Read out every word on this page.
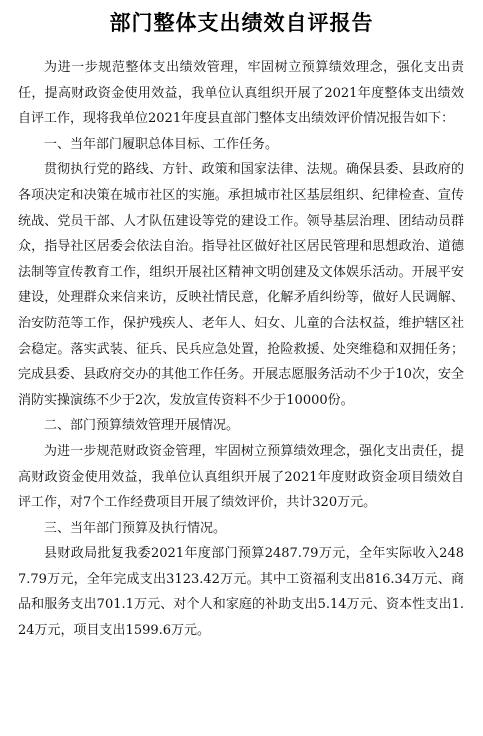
部门整体支出绩效自评报告

为进一步规范整体支出绩效管理，牢固树立预算绩效理念，强化支出责任，提高财政资金使用效益，我单位认真组织开展了2021年度整体支出绩效自评工作，现将我单位2021年度县直部门整体支出绩效评价情况报告如下：

一、当年部门履职总体目标、工作任务。

贯彻执行党的路线、方针、政策和国家法律、法规。确保县委、县政府的各项决定和决策在城市社区的实施。承担城市社区基层组织、纪律检查、宣传统战、党员干部、人才队伍建设等党的建设工作。领导基层治理、团结动员群众，指导社区居委会依法自治。指导社区做好社区居民管理和思想政治、道德法制等宣传教育工作，组织开展社区精神文明创建及文体娱乐活动。开展平安建设，处理群众来信来访，反映社情民意，化解矛盾纠纷等，做好人民调解、治安防范等工作，保护残疾人、老年人、妇女、儿童的合法权益，维护辖区社会稳定。落实武装、征兵、民兵应急处置，抢险救援、处突维稳和双拥任务；完成县委、县政府交办的其他工作任务。开展志愿服务活动不少于10次，安全消防实操演练不少于2次，发放宣传资料不少于10000份。

二、部门预算绩效管理开展情况。

为进一步规范财政资金管理，牢固树立预算绩效理念，强化支出责任，提高财政资金使用效益，我单位认真组织开展了2021年度财政资金项目绩效自评工作，对7个工作经费项目开展了绩效评价，共计320万元。

三、当年部门预算及执行情况。

县财政局批复我委2021年度部门预算2487.79万元，全年实际收入2487.79万元，全年完成支出3123.42万元。其中工资福利支出816.34万元、商品和服务支出701.1万元、对个人和家庭的补助支出5.14万元、资本性支出1.24万元，项目支出1599.6万元。
